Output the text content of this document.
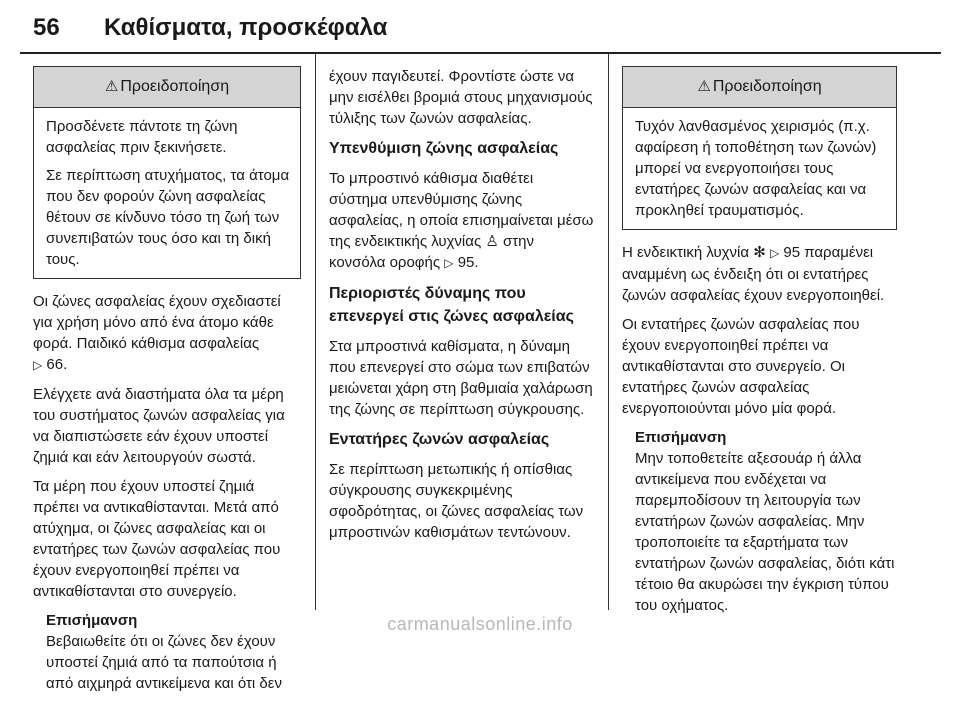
56 Καθίσματα, προσκέφαλα
⚠ Προειδοποίηση
Προσδένετε πάντοτε τη ζώνη ασφαλείας πριν ξεκινήσετε.
Σε περίπτωση ατυχήματος, τα άτομα που δεν φορούν ζώνη ασφαλείας θέτουν σε κίνδυνο τόσο τη ζωή των συνεπιβατών τους όσο και τη δική τους.
Οι ζώνες ασφαλείας έχουν σχεδιαστεί για χρήση μόνο από ένα άτομο κάθε φορά. Παιδικό κάθισμα ασφαλείας
▷ 66.
Ελέγχετε ανά διαστήματα όλα τα μέρη του συστήματος ζωνών ασφαλείας για να διαπιστώσετε εάν έχουν υποστεί ζημιά και εάν λειτουργούν σωστά.
Τα μέρη που έχουν υποστεί ζημιά πρέπει να αντικαθίστανται. Μετά από ατύχημα, οι ζώνες ασφαλείας και οι εντατήρες των ζωνών ασφαλείας που έχουν ενεργοποιηθεί πρέπει να αντικαθίστανται στο συνεργείο.
Επισήμανση
Βεβαιωθείτε ότι οι ζώνες δεν έχουν υποστεί ζημιά από τα παπούτσια ή από αιχμηρά αντικείμενα και ότι δεν
έχουν παγιδευτεί. Φροντίστε ώστε να μην εισέλθει βρομιά στους μηχανισμούς τύλιξης των ζωνών ασφαλείας.
Υπενθύμιση ζώνης ασφαλείας
Το μπροστινό κάθισμα διαθέτει σύστημα υπενθύμισης ζώνης ασφαλείας, η οποία επισημαίνεται μέσω της ενδεικτικής λυχνίας ♙ στην κονσόλα οροφής ▷ 95.
Περιοριστές δύναμης που επενεργεί στις ζώνες ασφαλείας
Στα μπροστινά καθίσματα, η δύναμη που επενεργεί στο σώμα των επιβατών μειώνεται χάρη στη βαθμιαία χαλάρωση της ζώνης σε περίπτωση σύγκρουσης.
Εντατήρες ζωνών ασφαλείας
Σε περίπτωση μετωπικής ή οπίσθιας σύγκρουσης συγκεκριμένης σφοδρότητας, οι ζώνες ασφαλείας των μπροστινών καθισμάτων τεντώνουν.
⚠ Προειδοποίηση
Τυχόν λανθασμένος χειρισμός (π.χ. αφαίρεση ή τοποθέτηση των ζωνών) μπορεί να ενεργοποιήσει τους εντατήρες ζωνών ασφαλείας και να προκληθεί τραυματισμός.
Η ενδεικτική λυχνία ✻ ▷ 95 παραμένει αναμμένη ως ένδειξη ότι οι εντατήρες ζωνών ασφαλείας έχουν ενεργοποιηθεί.
Οι εντατήρες ζωνών ασφαλείας που έχουν ενεργοποιηθεί πρέπει να αντικαθίστανται στο συνεργείο. Οι εντατήρες ζωνών ασφαλείας ενεργοποιούνται μόνο μία φορά.
Επισήμανση
Μην τοποθετείτε αξεσουάρ ή άλλα αντικείμενα που ενδέχεται να παρεμποδίσουν τη λειτουργία των εντατήρων ζωνών ασφαλείας. Μην τροποποιείτε τα εξαρτήματα των εντατήρων ζωνών ασφαλείας, διότι κάτι τέτοιο θα ακυρώσει την έγκριση τύπου του οχήματος.
carmanualsonline.info
